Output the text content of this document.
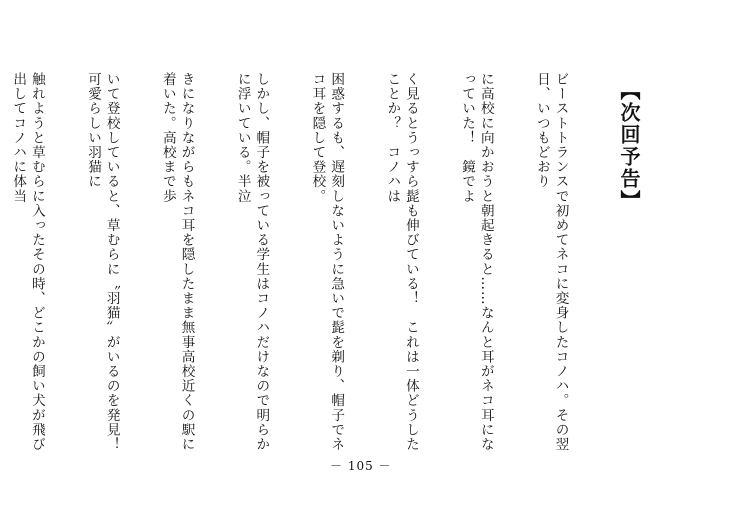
【次回予告】

ビーストトランスで初めてネコに変身したコノハ。その翌日、いつもどおり

に高校に向かおうと朝起きると……なんと耳がネコ耳になっていた！　鏡でよ

く見るとうっすら髭も伸びている！　これは一体どうしたことか？　コノハは

困惑するも、遅刻しないように急いで髭を剃り、帽子でネコ耳を隠して登校。

しかし、帽子を被っている学生はコノハだけなので明らかに浮いている。半泣

きになりながらもネコ耳を隠したまま無事高校近くの駅に着いた。高校まで歩

いて登校していると、草むらに〝羽猫〟がいるのを発見！　可愛らしい羽猫に

触れようと草むらに入ったその時、どこかの飼い犬が飛び出してコノハに体当

－ 105 －
